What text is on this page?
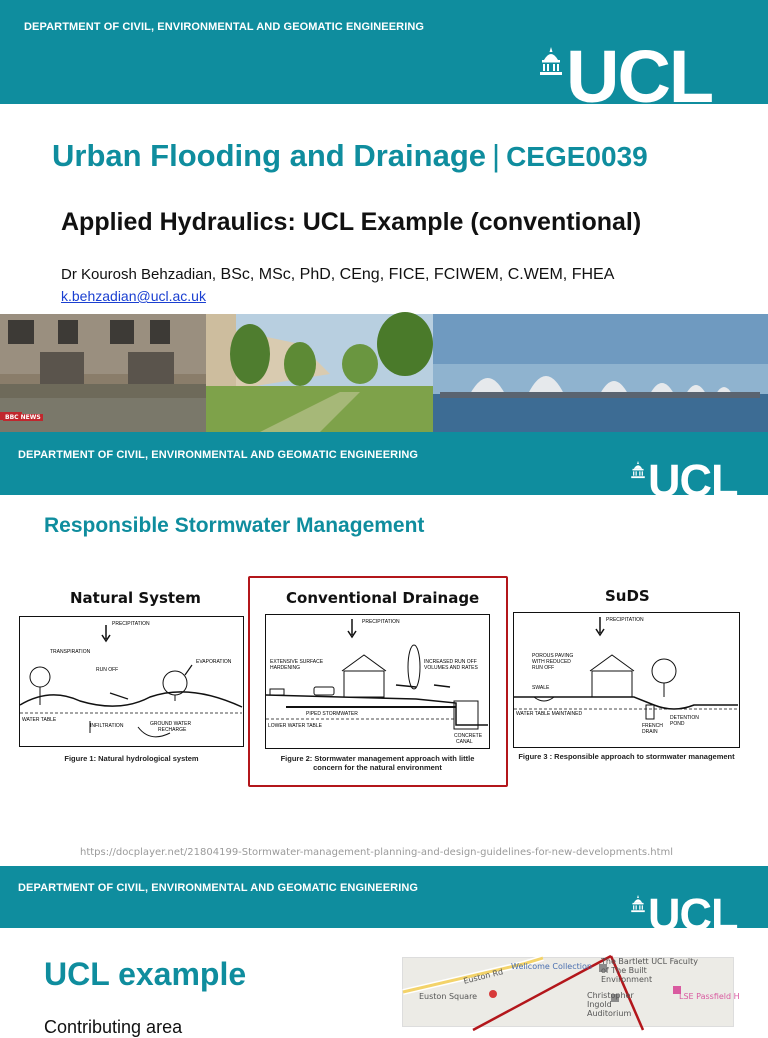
DEPARTMENT OF CIVIL, ENVIRONMENTAL AND GEOMATIC ENGINEERING
UCL
Urban Flooding and Drainage | CEGE0039
Applied Hydraulics: UCL Example (conventional)
Dr Kourosh Behzadian, BSc, MSc, PhD, CEng, FICE, FCIWEM, C.WEM, FHEA
k.behzadian@ucl.ac.uk
BBC NEWS
DEPARTMENT OF CIVIL, ENVIRONMENTAL AND GEOMATIC ENGINEERING	UCL
Responsible Stormwater Management
Natural System
PRECIPITATION
TRANSPIRATION
RUN OFF
EVAPORATION
WATER TABLE
INFILTRATION	GROUND WATER
RECHARGE
Figure 1: Natural hydrological system
Conventional Drainage
PRECIPITATION
EXTENSIVE SURFACE
HARDENING
INCREASED RUN OFF
VOLUMES AND RATES
PIPED STORMWATER
LOWER WATER TABLE
CONCRETE
CANAL
Figure 2: Stormwater management approach with little concern for the natural environment
SuDS
PRECIPITATION
POROUS PAVING
WITH REDUCED
RUN OFF
SWALE
WATER TABLE MAINTAINED
FRENCH
DRAIN
DETENTION
POND
Figure 3 : Responsible approach to stormwater management
https://docplayer.net/21804199-Stormwater-management-planning-and-design-guidelines-for-new-developments.html
DEPARTMENT OF CIVIL, ENVIRONMENTAL AND GEOMATIC ENGINEERING
UCL
UCL example
Contributing area
Euston Rd
Wellcome Collection
The Bartlett UCL Faculty of The Built Environment
Euston Square	Christopher Ingold Auditorium
LSE Passfield H
